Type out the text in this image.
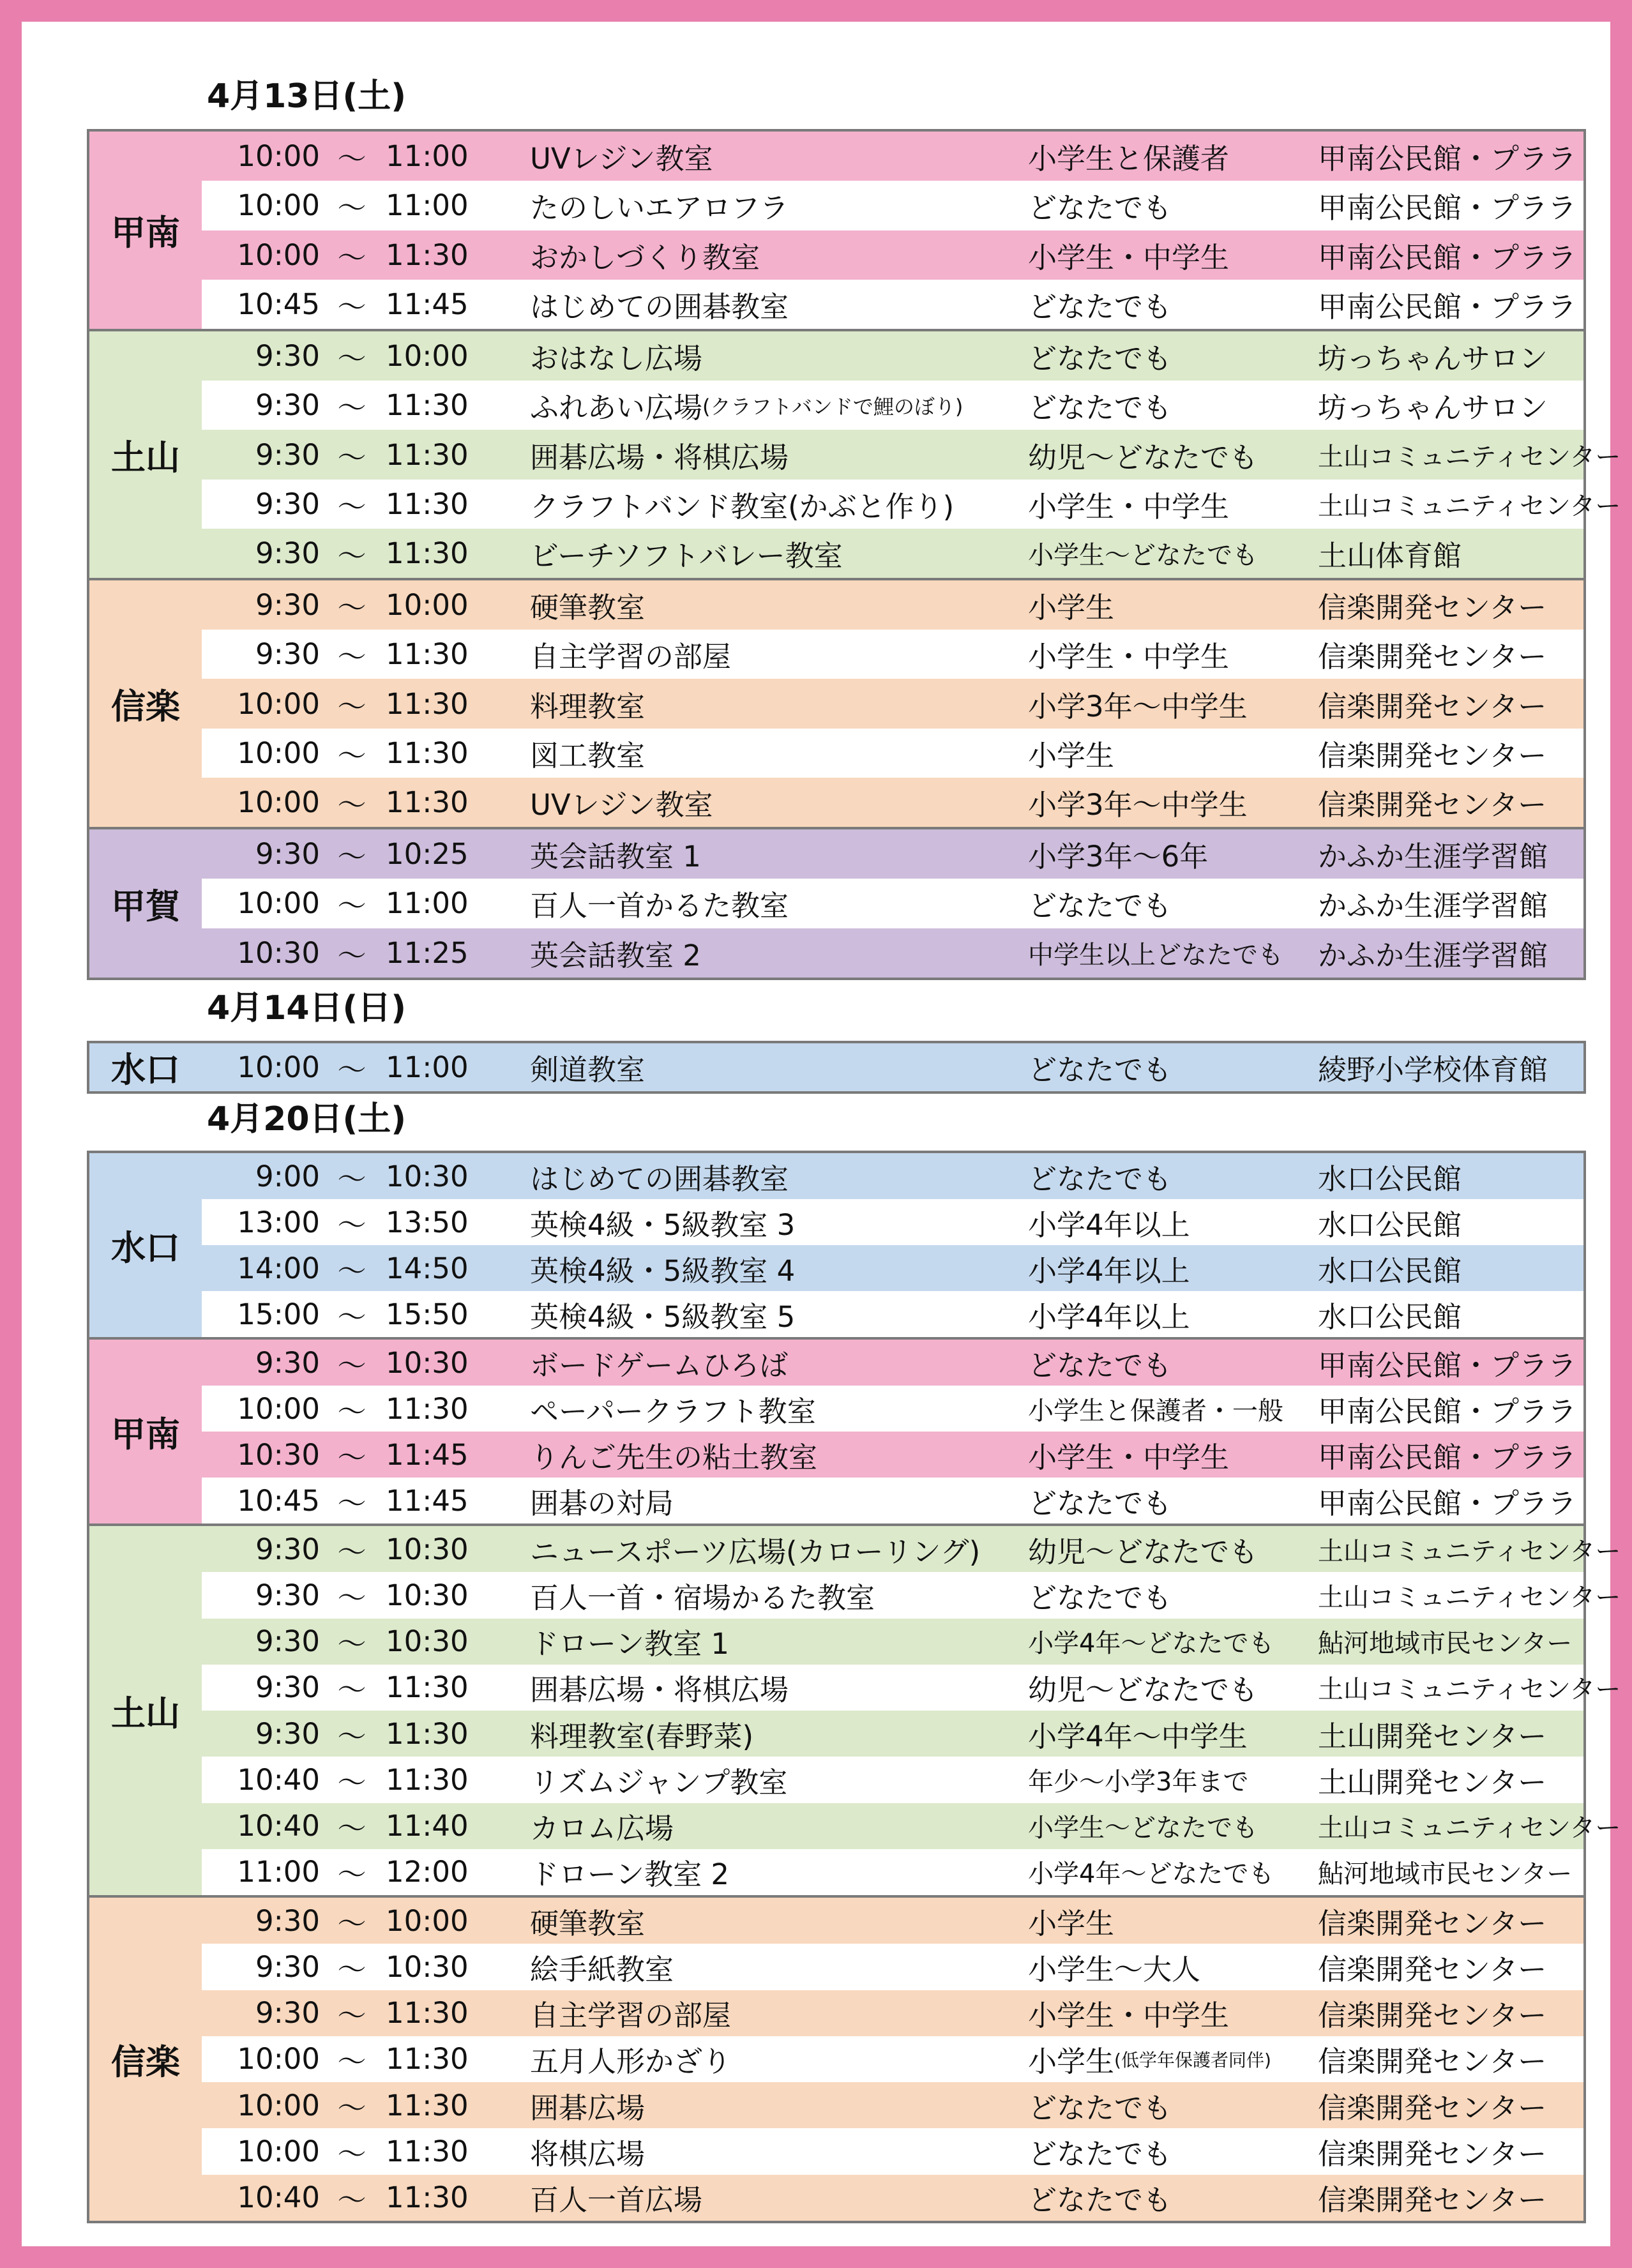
4月13日(土)
甲南
10:00 ～ 11:00 UVレジン教室	小学生と保護者	甲南公民館・プララ
10:00 ～ 11:00 たのしいエアロフラ	どなたでも	甲南公民館・プララ
10:00 ～ 11:30 おかしづくり教室	小学生・中学生	甲南公民館・プララ
10:45 ～ 11:45 はじめての囲碁教室	どなたでも	甲南公民館・プララ
土山
9:30 ～ 10:00 おはなし広場	どなたでも	坊っちゃんサロン
9:30 ～ 11:30 ふれあい広場 (クラフトバンドで鯉のぼり) どなたでも	坊っちゃんサロン
9:30 ～ 11:30 囲碁広場・将棋広場	幼児～どなたでも 土山コミュニティセンター
9:30 ～ 11:30 クラフトバンド教室(かぶと作り)	小学生・中学生	土山コミュニティセンター
9:30 ～ 11:30 ビーチソフトバレー教室	小学生～どなたでも 土山体育館
信楽
9:30 ～ 10:00 硬筆教室	小学生	信楽開発センター
9:30 ～ 11:30 自主学習の部屋	小学生・中学生	信楽開発センター
10:00 ～ 11:30 料理教室	小学3年～中学生 信楽開発センター
10:00 ～ 11:30 図工教室	小学生	信楽開発センター
10:00 ～ 11:30 UVレジン教室	小学3年～中学生 信楽開発センター
甲賀
9:30 ～ 10:25 英会話教室 1	小学3年～6年	かふか生涯学習館
10:00 ～ 11:00 百人一首かるた教室	どなたでも	かふか生涯学習館
10:30 ～ 11:25 英会話教室 2	中学生以上どなたでも かふか生涯学習館
4月14日(日)
水口	10:00 ～ 11:00 剣道教室	どなたでも	綾野小学校体育館
4月20日(土)
水口
9:00 ～ 10:30 はじめての囲碁教室	どなたでも	水口公民館
13:00 ～ 13:50 英検4級・5級教室 3	小学4年以上	水口公民館
14:00 ～ 14:50 英検4級・5級教室 4	小学4年以上	水口公民館
15:00 ～ 15:50 英検4級・5級教室 5	小学4年以上	水口公民館
甲南
9:30 ～ 10:30 ボードゲームひろば	どなたでも	甲南公民館・プララ
10:00 ～ 11:30 ペーパークラフト教室	小学生と保護者・一般 甲南公民館・プララ
10:30 ～ 11:45 りんご先生の粘土教室	小学生・中学生	甲南公民館・プララ
10:45 ～ 11:45 囲碁の対局	どなたでも	甲南公民館・プララ
土山
9:30 ～ 10:30 ニュースポーツ広場(カローリング) 幼児～どなたでも 土山コミュニティセンター
9:30 ～ 10:30 百人一首・宿場かるた教室	どなたでも	土山コミュニティセンター
9:30 ～ 10:30 ドローン教室 1	小学4年～どなたでも 鮎河地域市民センター
9:30 ～ 11:30 囲碁広場・将棋広場	幼児～どなたでも 土山コミュニティセンター
9:30 ～ 11:30 料理教室(春野菜)	小学4年～中学生 土山開発センター
10:40 ～ 11:30 リズムジャンプ教室	年少～小学3年まで 土山開発センター
10:40 ～ 11:40 カロム広場	小学生～どなたでも 土山コミュニティセンター
11:00 ～ 12:00 ドローン教室 2	小学4年～どなたでも 鮎河地域市民センター
信楽
9:30 ～ 10:00 硬筆教室	小学生	信楽開発センター
9:30 ～ 10:30 絵手紙教室	小学生～大人	信楽開発センター
9:30 ～ 11:30 自主学習の部屋	小学生・中学生	信楽開発センター
10:00 ～ 11:30 五月人形かざり	小学生 (低学年保護者同伴) 信楽開発センター
10:00 ～ 11:30 囲碁広場	どなたでも	信楽開発センター
10:00 ～ 11:30 将棋広場	どなたでも	信楽開発センター
10:40 ～ 11:30 百人一首広場	どなたでも	信楽開発センター
